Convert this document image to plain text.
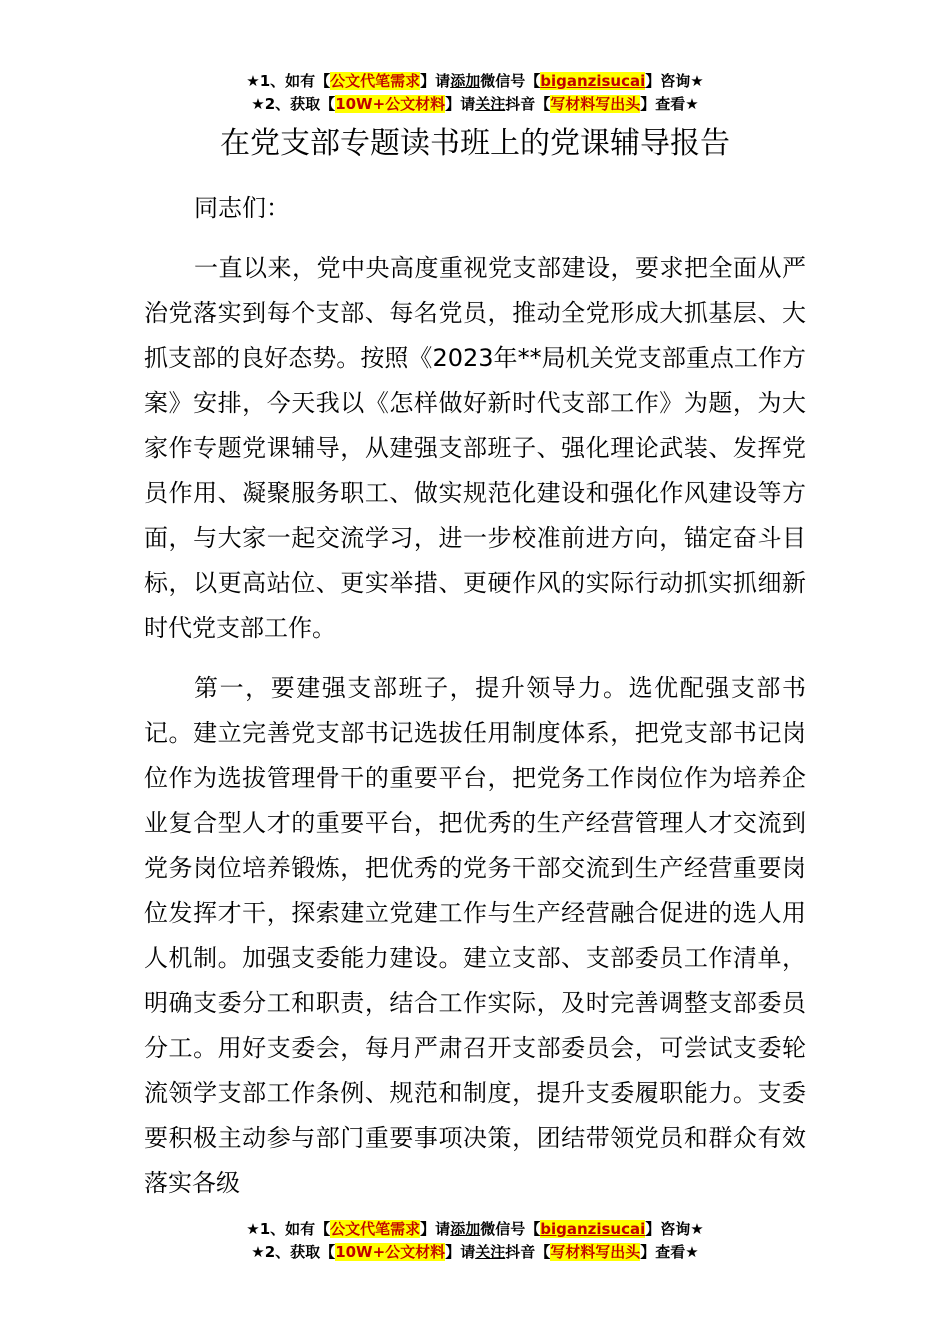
★1、如有【公文代笔需求】请添加微信号【biganzisucai】咨询★
★2、获取【10W+公文材料】请关注抖音【写材料写出头】查看★
在党支部专题读书班上的党课辅导报告

同志们：

一直以来，党中央高度重视党支部建设，要求把全面从严治党落实到每个支部、每名党员，推动全党形成大抓基层、大抓支部的良好态势。按照《2023年**局机关党支部重点工作方案》安排，今天我以《怎样做好新时代支部工作》为题，为大家作专题党课辅导，从建强支部班子、强化理论武装、发挥党员作用、凝聚服务职工、做实规范化建设和强化作风建设等方面，与大家一起交流学习，进一步校准前进方向，锚定奋斗目标，以更高站位、更实举措、更硬作风的实际行动抓实抓细新时代党支部工作。

第一，要建强支部班子，提升领导力。选优配强支部书记。建立完善党支部书记选拔任用制度体系，把党支部书记岗位作为选拔管理骨干的重要平台，把党务工作岗位作为培养企业复合型人才的重要平台，把优秀的生产经营管理人才交流到党务岗位培养锻炼，把优秀的党务干部交流到生产经营重要岗位发挥才干，探索建立党建工作与生产经营融合促进的选人用人机制。加强支委能力建设。建立支部、支部委员工作清单，明确支委分工和职责，结合工作实际，及时完善调整支部委员分工。用好支委会，每月严肃召开支部委员会，可尝试支委轮流领学支部工作条例、规范和制度，提升支委履职能力。支委要积极主动参与部门重要事项决策，团结带领党员和群众有效落实各级

★1、如有【公文代笔需求】请添加微信号【biganzisucai】咨询★
★2、获取【10W+公文材料】请关注抖音【写材料写出头】查看★
